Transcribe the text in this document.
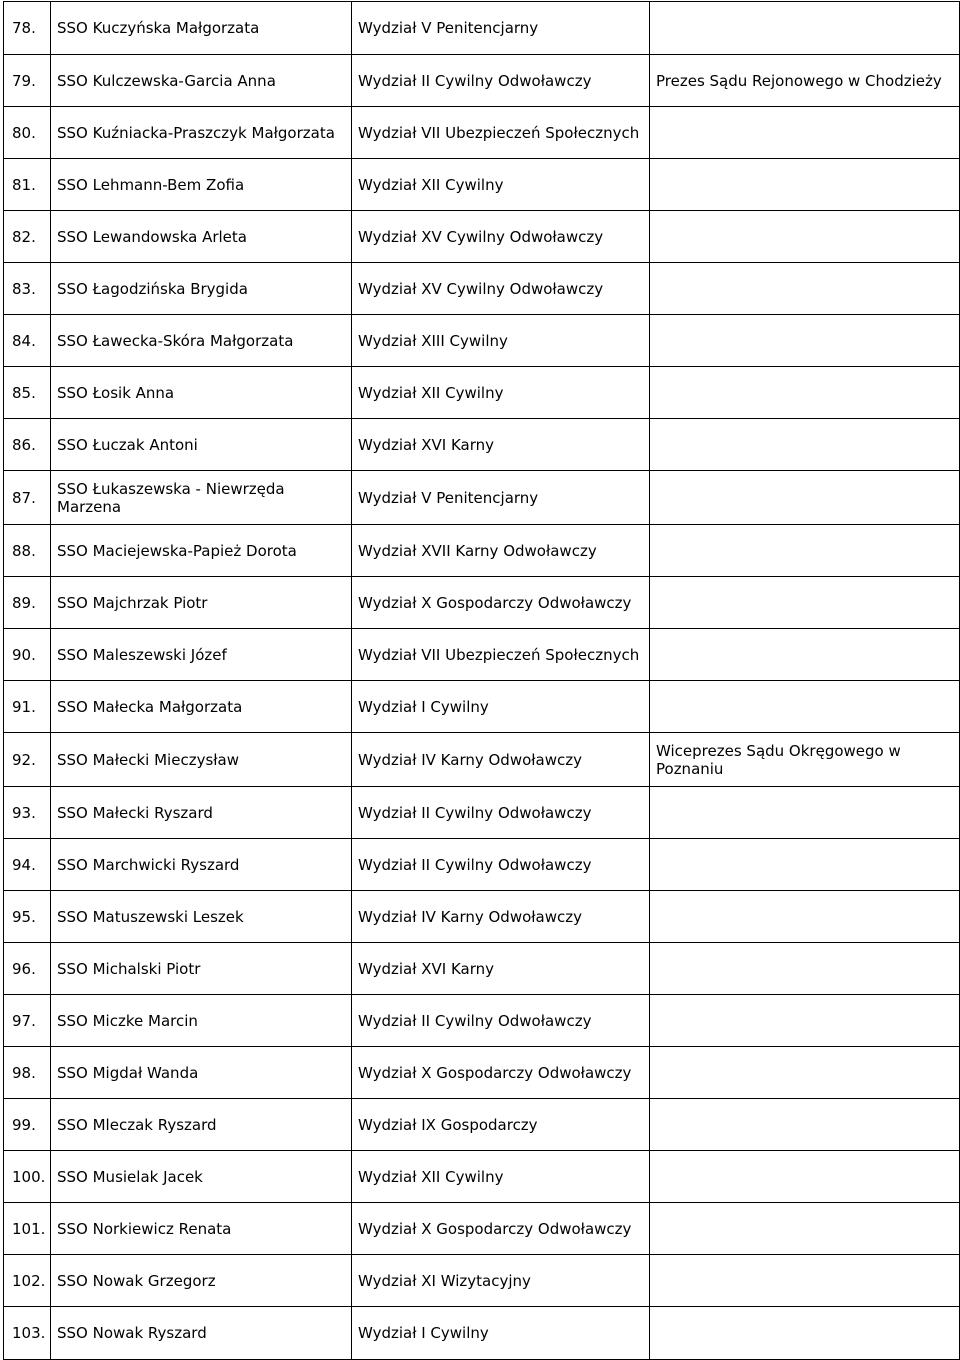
78.	SSO Kuczyńska Małgorzata	Wydział V Penitencjarny	
79.	SSO Kulczewska-Garcia Anna	Wydział II Cywilny Odwoławczy	Prezes Sądu Rejonowego w Chodzieży
80.	SSO Kuźniacka-Praszczyk Małgorzata	Wydział VII Ubezpieczeń Społecznych	
81.	SSO Lehmann-Bem Zofia	Wydział XII Cywilny	
82.	SSO Lewandowska Arleta	Wydział XV Cywilny Odwoławczy	
83.	SSO Łagodzińska Brygida	Wydział XV Cywilny Odwoławczy	
84.	SSO Ławecka-Skóra Małgorzata	Wydział XIII Cywilny	
85.	SSO Łosik Anna	Wydział XII Cywilny	
86.	SSO Łuczak Antoni	Wydział XVI Karny	
87.	SSO Łukaszewska - Niewrzęda Marzena	Wydział V Penitencjarny	
88.	SSO Maciejewska-Papież Dorota	Wydział XVII Karny Odwoławczy	
89.	SSO Majchrzak Piotr	Wydział X Gospodarczy Odwoławczy	
90.	SSO Maleszewski Józef	Wydział VII Ubezpieczeń Społecznych	
91.	SSO Małecka Małgorzata	Wydział I Cywilny	
92.	SSO Małecki Mieczysław	Wydział IV Karny Odwoławczy	Wiceprezes Sądu Okręgowego w Poznaniu
93.	SSO Małecki Ryszard	Wydział II Cywilny Odwoławczy	
94.	SSO Marchwicki Ryszard	Wydział II Cywilny Odwoławczy	
95.	SSO Matuszewski Leszek	Wydział IV Karny Odwoławczy	
96.	SSO Michalski Piotr	Wydział XVI Karny	
97.	SSO Miczke Marcin	Wydział II Cywilny Odwoławczy	
98.	SSO Migdał Wanda	Wydział X Gospodarczy Odwoławczy	
99.	SSO Mleczak Ryszard	Wydział IX Gospodarczy	
100.	SSO Musielak Jacek	Wydział XII Cywilny	
101.	SSO Norkiewicz Renata	Wydział X Gospodarczy Odwoławczy	
102.	SSO Nowak Grzegorz	Wydział XI Wizytacyjny	
103.	SSO Nowak Ryszard	Wydział I Cywilny	
